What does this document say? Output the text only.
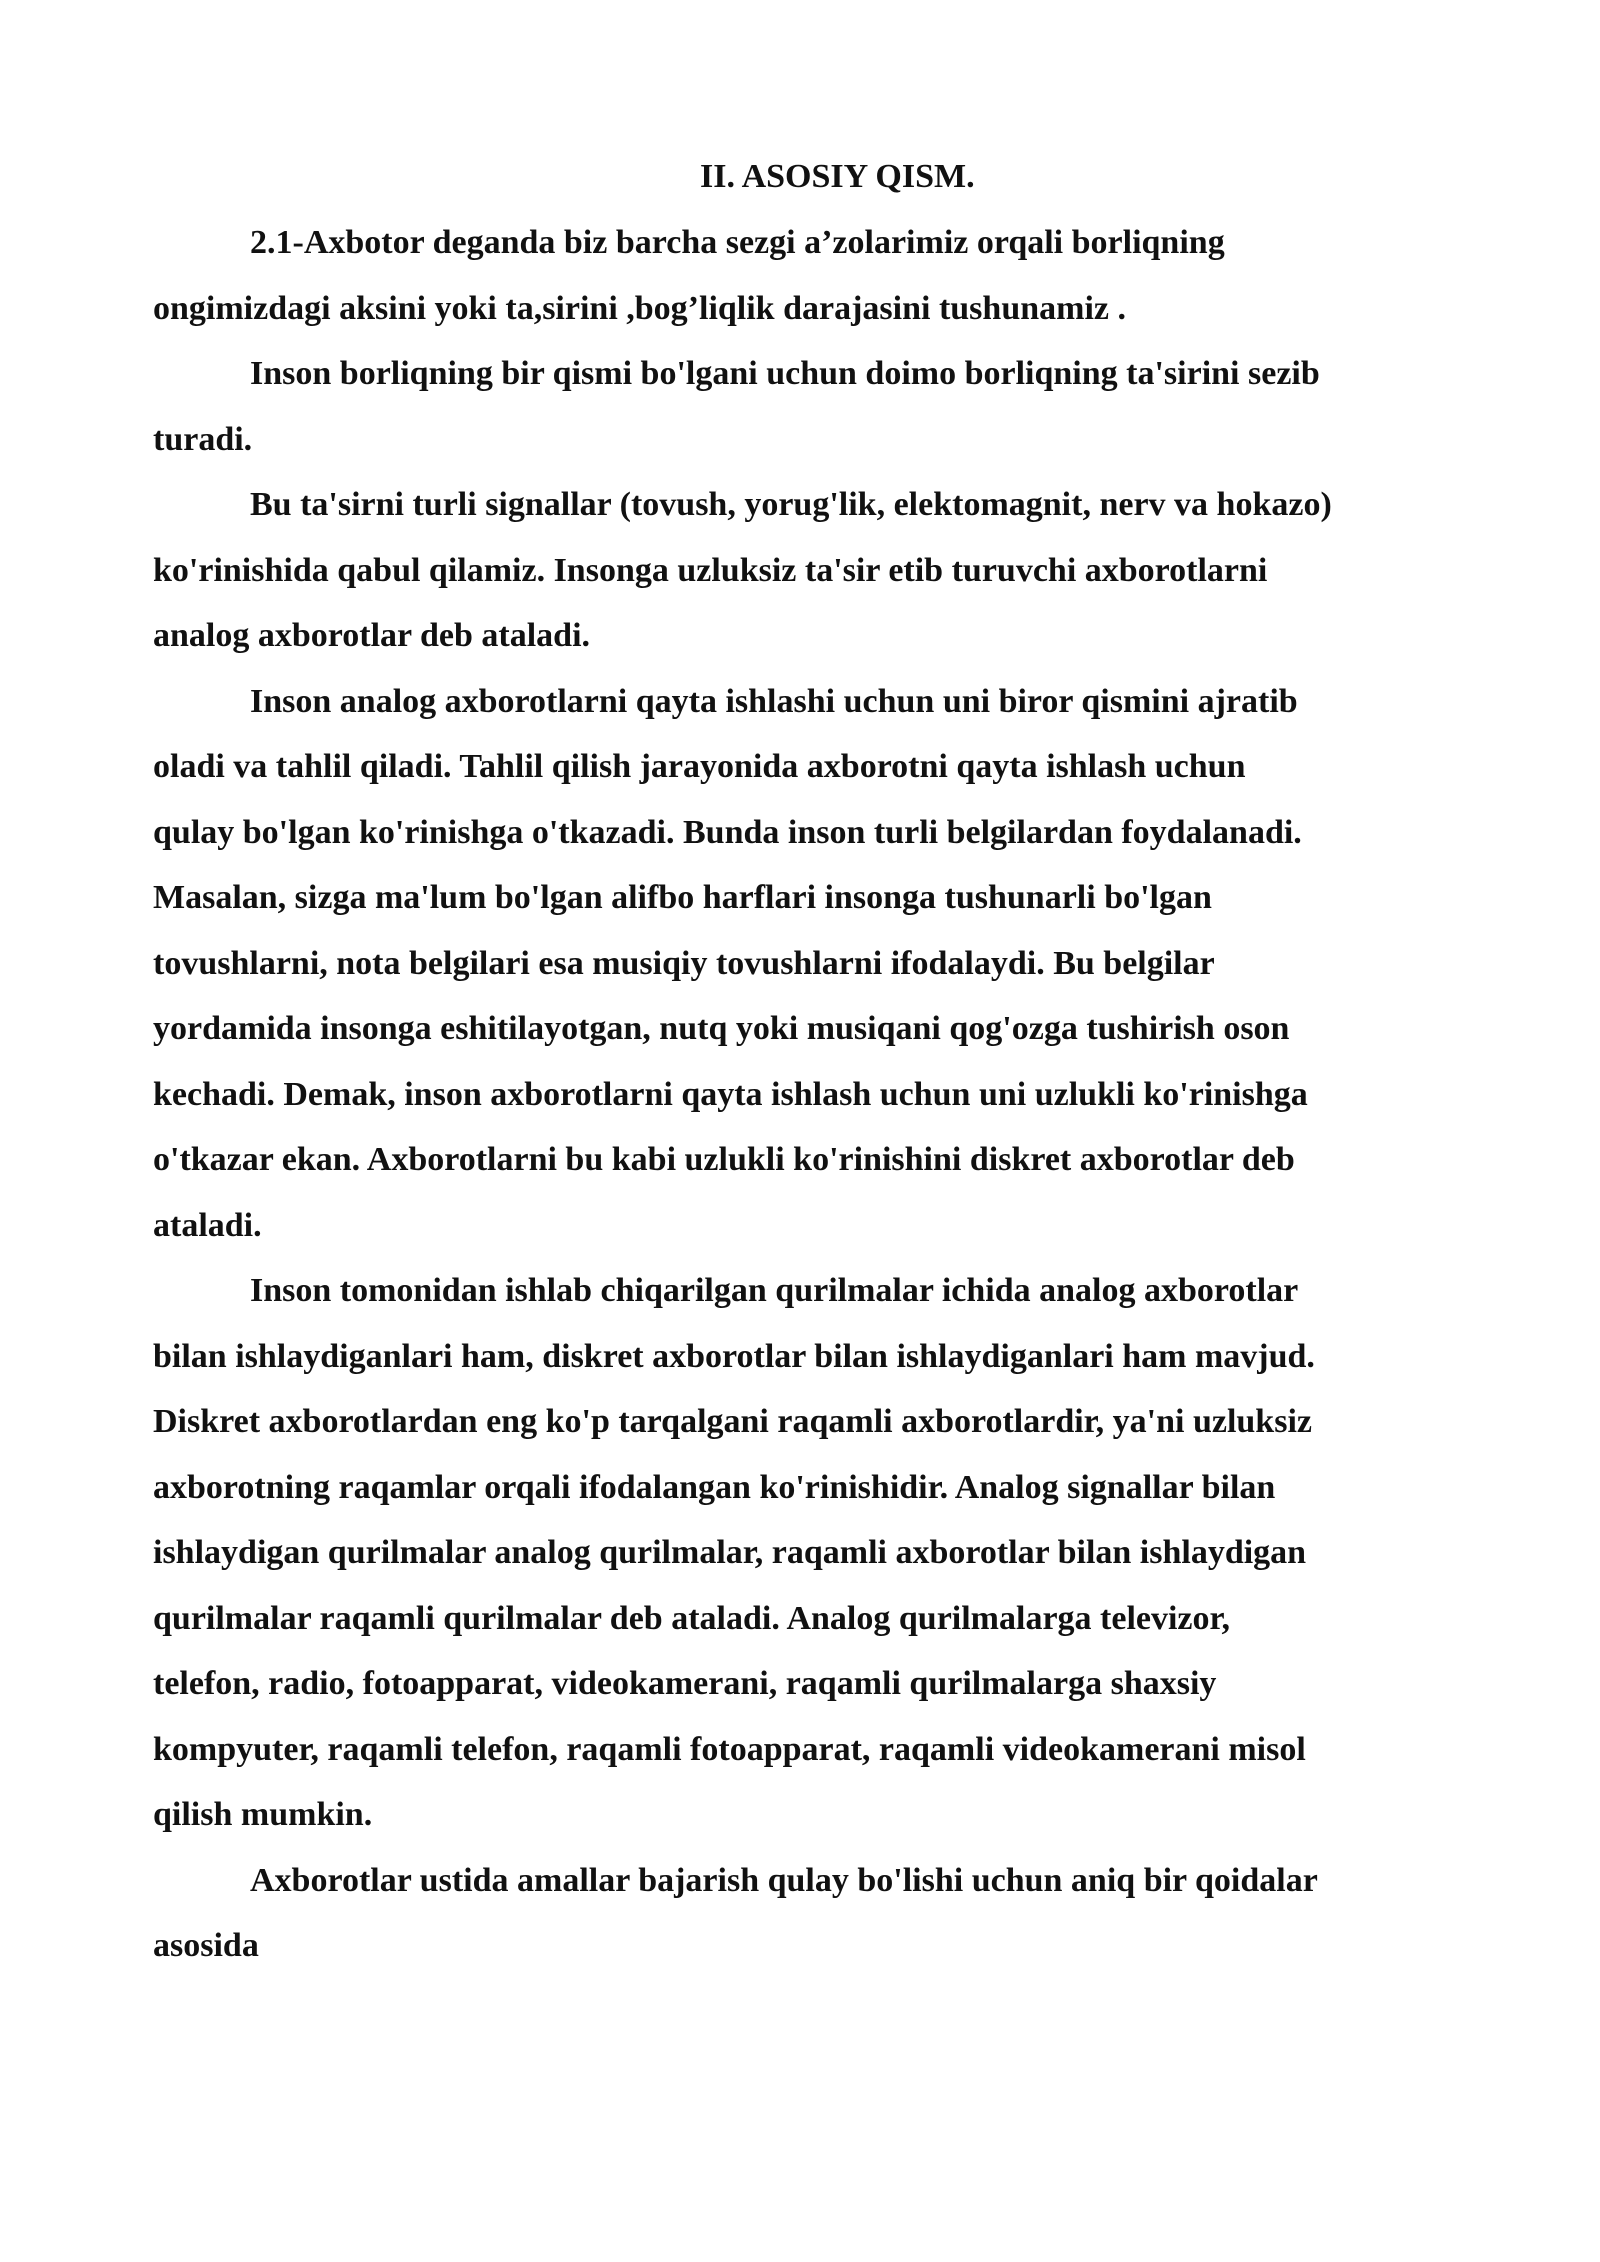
II. ASOSIY QISM.

2.1-Axbotor deganda biz barcha sezgi a’zolarimiz orqali borliqning

ongimizdagi aksini yoki ta,sirini ,bog’liqlik darajasini tushunamiz .

Inson borliqning bir qismi bo'lgani uchun doimo borliqning ta'sirini sezib

turadi.

Bu ta'sirni turli signallar (tovush, yorug'lik, elektomagnit, nerv va hokazo)

ko'rinishida qabul qilamiz. Insonga uzluksiz ta'sir etib turuvchi axborotlarni

analog axborotlar deb ataladi.

Inson analog axborotlarni qayta ishlashi uchun uni biror qismini ajratib

oladi va tahlil qiladi. Tahlil qilish jarayonida axborotni qayta ishlash uchun

qulay bo'lgan ko'rinishga o'tkazadi. Bunda inson turli belgilardan foydalanadi.

Masalan, sizga ma'lum bo'lgan alifbo harflari insonga tushunarli bo'lgan

tovushlarni, nota belgilari esa musiqiy tovushlarni ifodalaydi. Bu belgilar

yordamida insonga eshitilayotgan, nutq yoki musiqani qog'ozga tushirish oson

kechadi. Demak, inson axborotlarni qayta ishlash uchun uni uzlukli ko'rinishga

o'tkazar ekan. Axborotlarni bu kabi uzlukli ko'rinishini diskret axborotlar deb

ataladi.

Inson tomonidan ishlab chiqarilgan qurilmalar ichida analog axborotlar

bilan ishlaydiganlari ham, diskret axborotlar bilan ishlaydiganlari ham mavjud.

Diskret axborotlardan eng ko'p tarqalgani raqamli axborotlardir, ya'ni uzluksiz

axborotning raqamlar orqali ifodalangan ko'rinishidir. Analog signallar bilan

ishlaydigan qurilmalar analog qurilmalar, raqamli axborotlar bilan ishlaydigan

qurilmalar raqamli qurilmalar deb ataladi. Analog qurilmalarga televizor,

telefon, radio, fotoapparat, videokamerani, raqamli qurilmalarga shaxsiy

kompyuter, raqamli telefon, raqamli fotoapparat, raqamli videokamerani misol

qilish mumkin.

Axborotlar ustida amallar bajarish qulay bo'lishi uchun aniq bir qoidalar

asosida
